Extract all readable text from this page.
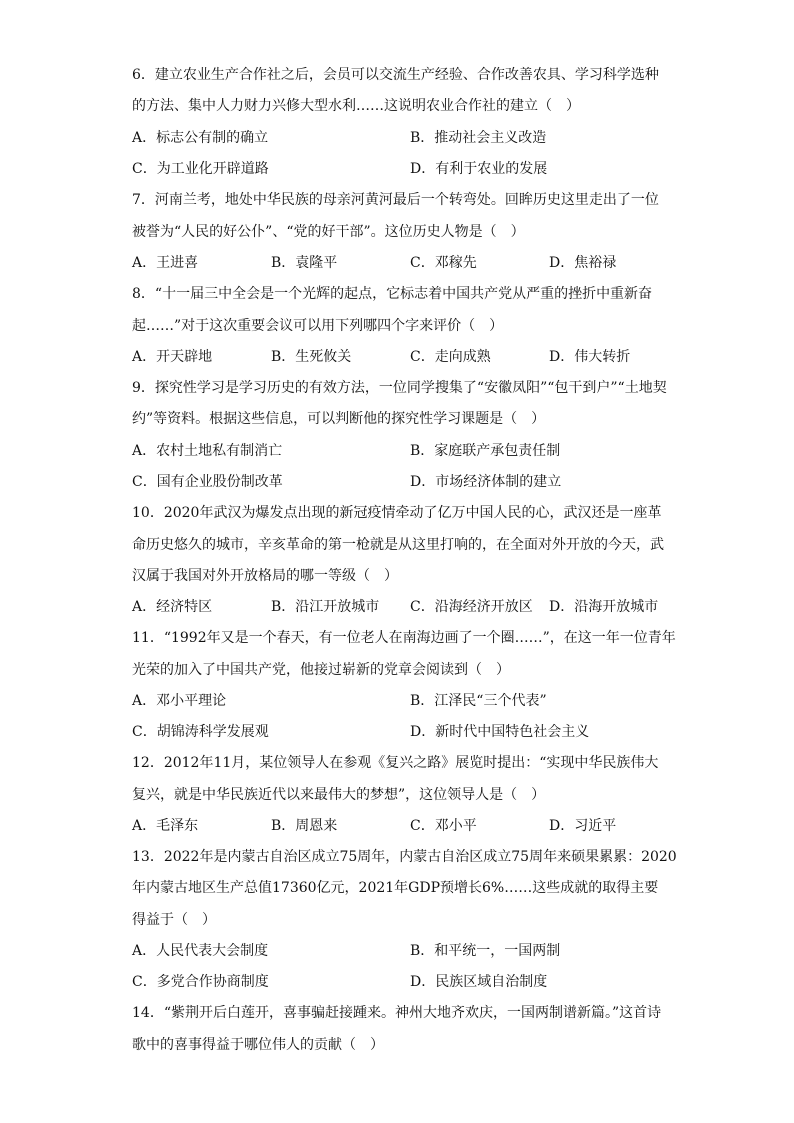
6．建立农业生产合作社之后，会员可以交流生产经验、合作改善农具、学习科学选种
的方法、集中人力财力兴修大型水利……这说明农业合作社的建立（　）
A．标志公有制的确立	B．推动社会主义改造
C．为工业化开辟道路	D．有利于农业的发展
7．河南兰考，地处中华民族的母亲河黄河最后一个转弯处。回眸历史这里走出了一位
被誉为“人民的好公仆”、“党的好干部”。这位历史人物是（　）
A．王进喜	B．袁隆平	C．邓稼先	D．焦裕禄
8．“十一届三中全会是一个光辉的起点，它标志着中国共产党从严重的挫折中重新奋
起……”对于这次重要会议可以用下列哪四个字来评价（　）
A．开天辟地	B．生死攸关	C．走向成熟	D．伟大转折
9．探究性学习是学习历史的有效方法，一位同学搜集了“安徽凤阳”“包干到户”“土地契
约”等资料。根据这些信息，可以判断他的探究性学习课题是（　）
A．农村土地私有制消亡	B．家庭联产承包责任制
C．国有企业股份制改革	D．市场经济体制的建立
10．2020年武汉为爆发点出现的新冠疫情牵动了亿万中国人民的心，武汉还是一座革
命历史悠久的城市，辛亥革命的第一枪就是从这里打响的，在全面对外开放的今天，武
汉属于我国对外开放格局的哪一等级（　）
A．经济特区	B．沿江开放城市 C．沿海经济开放区 D．沿海开放城市
11．“1992年又是一个春天，有一位老人在南海边画了一个圈……”，在这一年一位青年
光荣的加入了中国共产党，他接过崭新的党章会阅读到（　）
A．邓小平理论	B．江泽民“三个代表”
C．胡锦涛科学发展观	D．新时代中国特色社会主义
12．2012年11月，某位领导人在参观《复兴之路》展览时提出：“实现中华民族伟大
复兴，就是中华民族近代以来最伟大的梦想”，这位领导人是（　）
A．毛泽东	B．周恩来	C．邓小平	D．习近平
13．2022年是内蒙古自治区成立75周年，内蒙古自治区成立75周年来硕果累累：2020
年内蒙古地区生产总值17360亿元，2021年GDP预增长6%……这些成就的取得主要
得益于（　）
A．人民代表大会制度	B．和平统一，一国两制
C．多党合作协商制度	D．民族区域自治制度
14．“紫荆开后白莲开，喜事骗赶接踵来。神州大地齐欢庆，一国两制谱新篇。”这首诗
歌中的喜事得益于哪位伟人的贡献（　）
